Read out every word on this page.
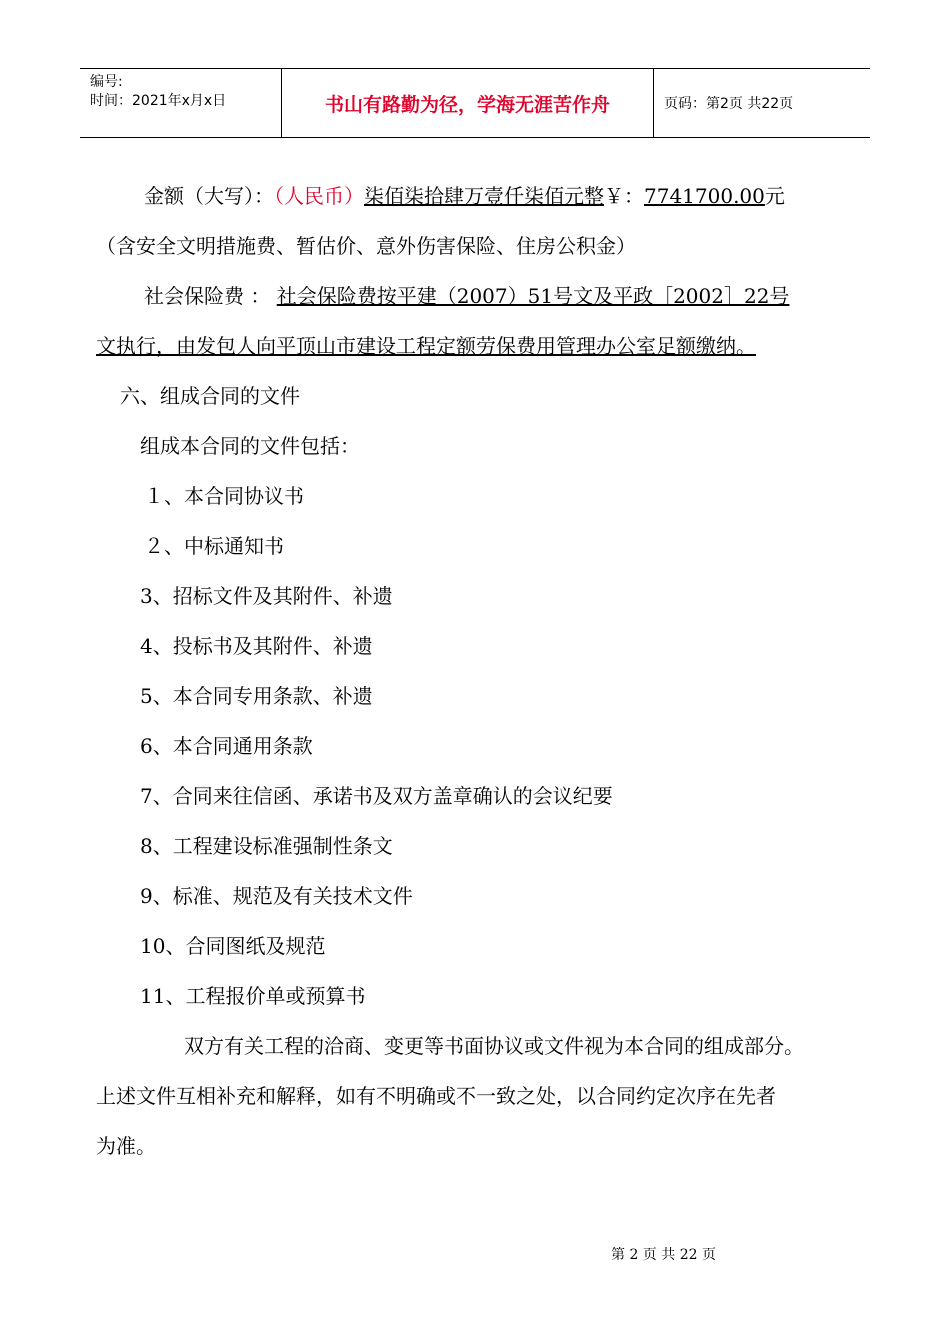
编号:
时间：2021年x月x日	书山有路勤为径，学海无涯苦作舟	页码：第2页 共22页
金额（大写）：（人民币）柒佰柒拾肆万壹仟柒佰元整￥：7741700.00元
（含安全文明措施费、暂估价、意外伤害保险、住房公积金）
社会保险费 ： 社会保险费按平建（2007）51号文及平政［2002］22号
文执行，由发包人向平顶山市建设工程定额劳保费用管理办公室足额缴纳。
六、组成合同的文件
组成本合同的文件包括：
１、本合同协议书
２、中标通知书
3、招标文件及其附件、补遗
4、投标书及其附件、补遗
5、本合同专用条款、补遗
6、本合同通用条款
7、合同来往信函、承诺书及双方盖章确认的会议纪要
8、工程建设标准强制性条文
9、标准、规范及有关技术文件
10、合同图纸及规范
11、工程报价单或预算书
双方有关工程的洽商、变更等书面协议或文件视为本合同的组成部分。
上述文件互相补充和解释，如有不明确或不一致之处，以合同约定次序在先者
为准。
第 2 页 共 22 页
